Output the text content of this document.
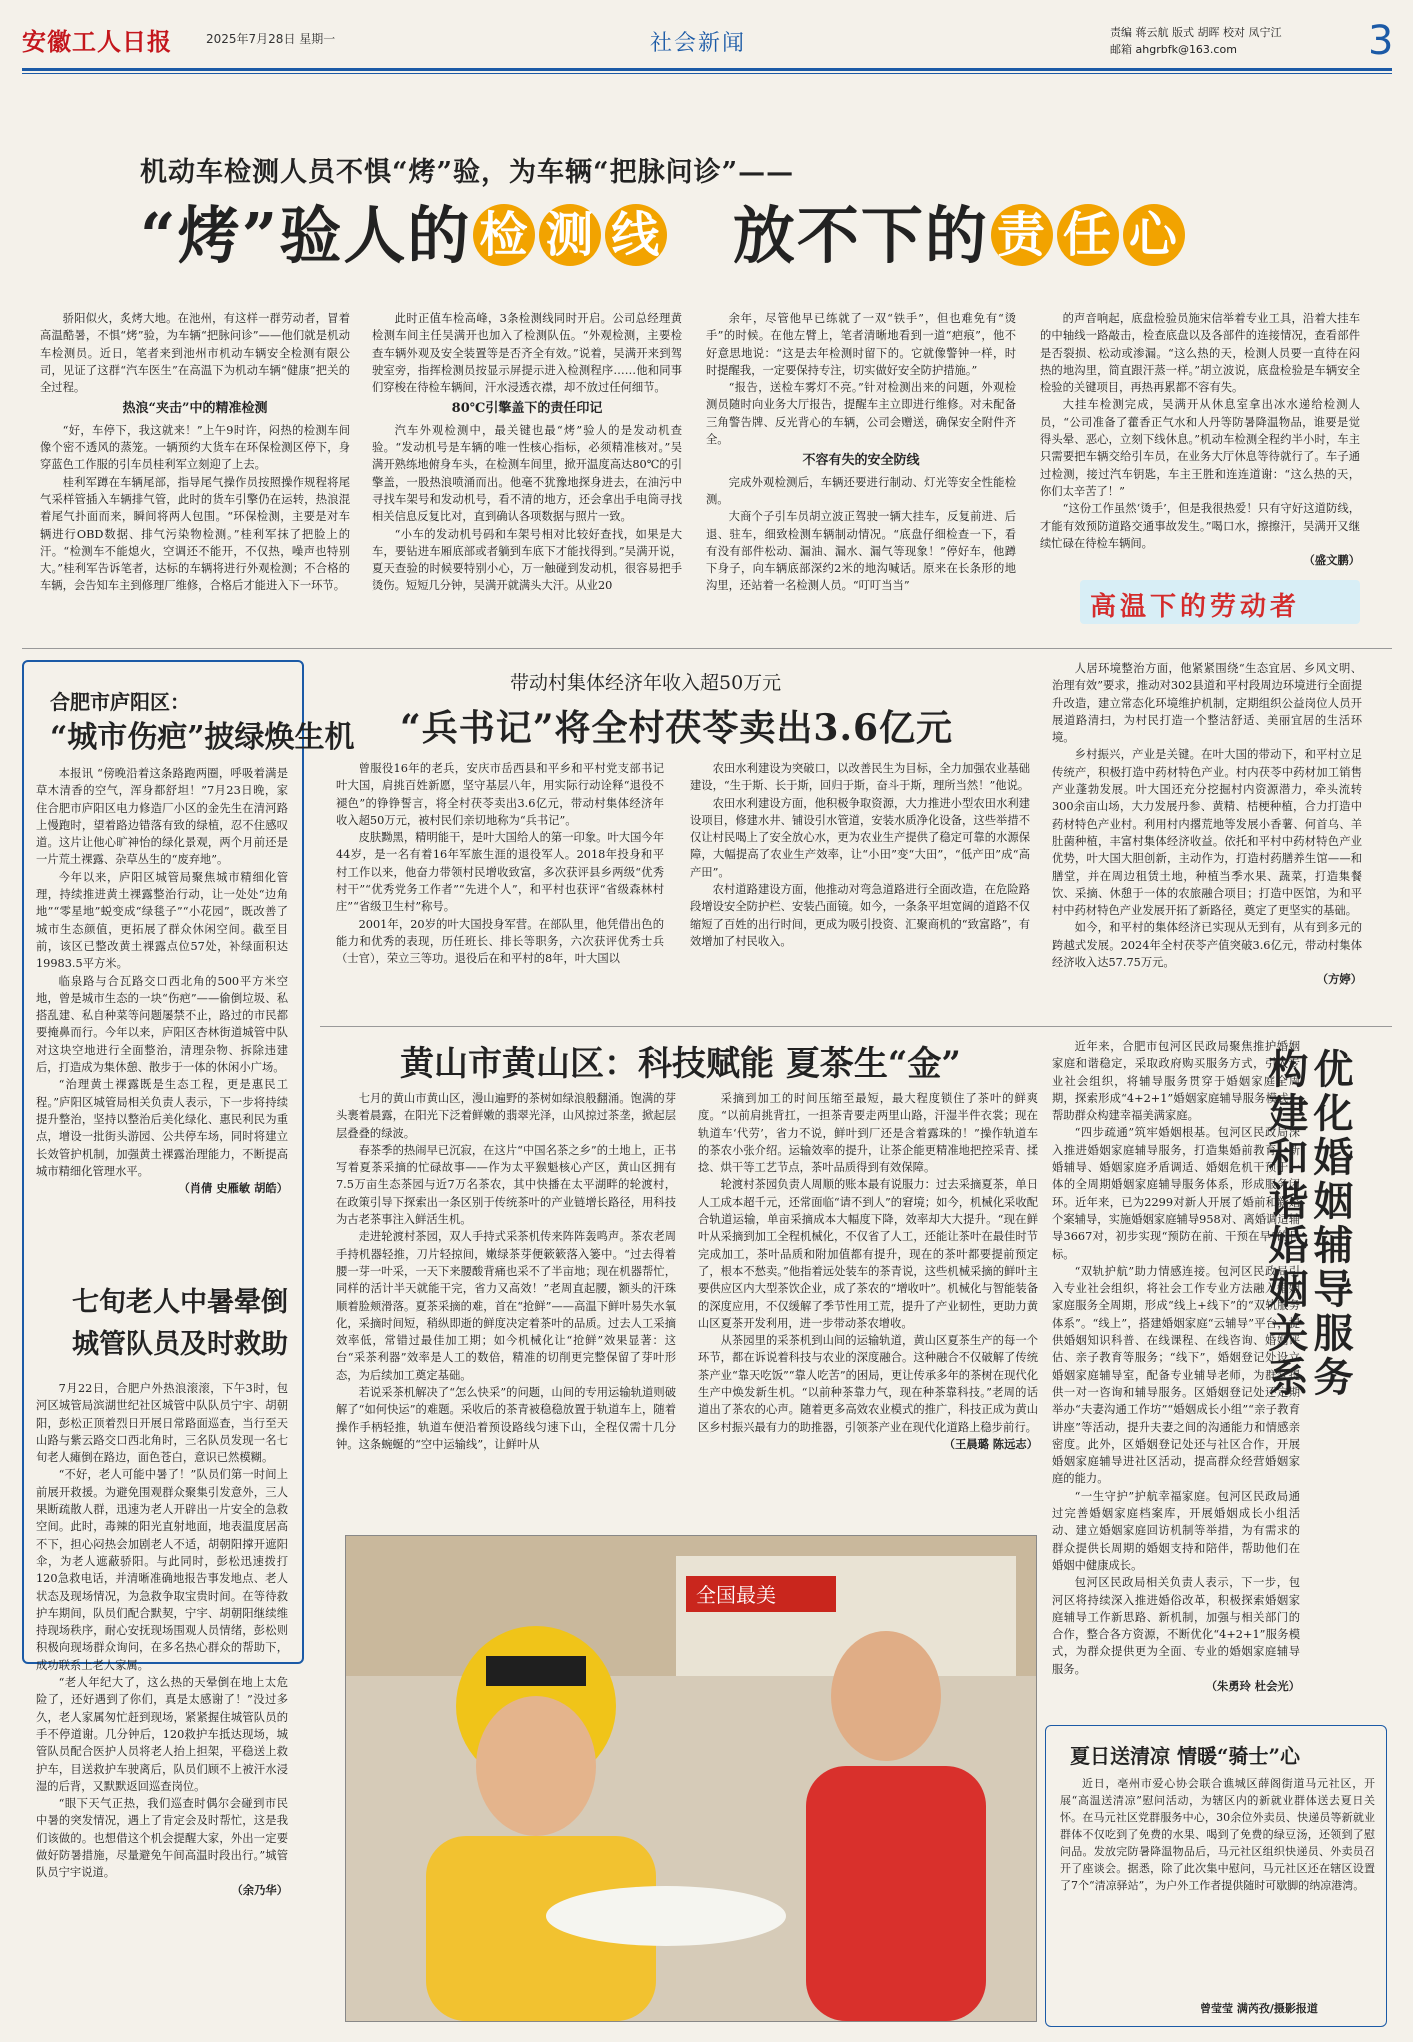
安徽工人日报	2025年7月28日 星期一	社会新闻	责编 蒋云航 版式 胡晖 校对 凤宁江
邮箱 ahgrbfk@163.com	3
机动车检测人员不惧“烤”验，为车辆“把脉问诊”——
“烤”验人的 检 测 线 放不下的 责 任 心

骄阳似火，炙烤大地。在池州，有这样一群劳动者，冒着高温酷暑，不惧“烤”验，为车辆“把脉问诊”——他们就是机动车检测员。近日，笔者来到池州市机动车辆安全检测有限公司，见证了这群“汽车医生”在高温下为机动车辆“健康”把关的全过程。

热浪“夹击”中的精准检测

“好，车停下，我这就来！”上午9时许，闷热的检测车间像个密不透风的蒸笼。一辆预约大货车在环保检测区停下，身穿蓝色工作服的引车员桂利军立刻迎了上去。

桂利军蹲在车辆尾部，指导尾气操作员按照操作规程将尾气采样管插入车辆排气管，此时的货车引擎仍在运转，热浪混着尾气扑面而来，瞬间将两人包围。“环保检测，主要是对车辆进行OBD数据、排气污染物检测。”桂利军抹了把脸上的汗。“检测车不能熄火，空调还不能开，不仅热，噪声也特别大。”桂利军告诉笔者，达标的车辆将进行外观检测；不合格的车辆，会告知车主到修理厂维修，合格后才能进入下一环节。

此时正值车检高峰，3条检测线同时开启。公司总经理黄检测车间主任吴满开也加入了检测队伍。“外观检测，主要检查车辆外观及安全装置等是否齐全有效。”说着，吴满开来到驾驶室旁，指挥检测员按显示屏提示进入检测程序……他和同事们穿梭在待检车辆间，汗水浸透衣襟，却不放过任何细节。

80℃引擎盖下的责任印记

汽车外观检测中，最关键也最“烤”验人的是发动机查验。“发动机号是车辆的唯一性核心指标，必须精准核对。”吴满开熟练地俯身车头，在检测车间里，掀开温度高达80℃的引擎盖，一股热浪喷涌而出。他毫不犹豫地探身进去，在油污中寻找车架号和发动机号，看不清的地方，还会拿出手电筒寻找相关信息反复比对，直到确认各项数据与照片一致。

“小车的发动机号码和车架号相对比较好查找，如果是大车，要钻进车厢底部或者躺到车底下才能找得到。”吴满开说，夏天查验的时候要特别小心，万一触碰到发动机，很容易把手烫伤。短短几分钟，吴满开就满头大汗。从业20

余年，尽管他早已练就了一双“铁手”，但也难免有“烫手”的时候。在他左臂上，笔者清晰地看到一道“疤痕”，他不好意思地说：“这是去年检测时留下的。它就像警钟一样，时时提醒我，一定要保持专注，切实做好安全防护措施。”

“报告，送检车雾灯不亮。”针对检测出来的问题，外观检测员随时向业务大厅报告，提醒车主立即进行维修。对未配备三角警告牌、反光背心的车辆，公司会赠送，确保安全附件齐全。

不容有失的安全防线

完成外观检测后，车辆还要进行制动、灯光等安全性能检测。

大商个子引车员胡立波正驾驶一辆大挂车，反复前进、后退、驻车，细致检测车辆制动情况。“底盘仔细检查一下，看有没有部件松动、漏油、漏水、漏气等现象！”停好车，他蹲下身子，向车辆底部深约2米的地沟喊话。原来在长条形的地沟里，还站着一名检测人员。“叮叮当当”

的声音响起，底盘检验员施宋信举着专业工具，沿着大挂车的中轴线一路敲击，检查底盘以及各部件的连接情况，查看部件是否裂损、松动或渗漏。“这么热的天，检测人员要一直待在闷热的地沟里，简直跟汗蒸一样。”胡立波说，底盘检验是车辆安全检验的关键项目，再热再累都不容有失。

大挂车检测完成，吴满开从休息室拿出冰水递给检测人员，“公司准备了藿香正气水和人丹等防暑降温物品，谁要是觉得头晕、恶心，立刻下线休息。”机动车检测全程约半小时，车主只需要把车辆交给引车员，在业务大厅休息等待就行了。车子通过检测，接过汽车钥匙，车主王胜和连连道谢：“这么热的天，你们太辛苦了！”

“这份工作虽然‘烫手’，但是我很热爱！只有守好这道防线，才能有效预防道路交通事故发生。”喝口水，擦擦汗，吴满开又继续忙碌在待检车辆间。

（盛文鹏）

高温下的劳动者
合肥市庐阳区：
“城市伤疤”披绿焕生机

本报讯 “傍晚沿着这条路跑两圈，呼吸着满是草木清香的空气，浑身都舒坦！”7月23日晚，家住合肥市庐阳区电力修造厂小区的金先生在清河路上慢跑时，望着路边错落有致的绿植，忍不住感叹道。这片让他心旷神怡的绿化景观，两个月前还是一片荒土裸露、杂草丛生的“废弃地”。

今年以来，庐阳区城管局聚焦城市精细化管理，持续推进黄土裸露整治行动，让一处处“边角地”“零星地”蜕变成“绿毯子”“小花园”，既改善了城市生态颜值，更拓展了群众休闲空间。截至目前，该区已整改黄土裸露点位57处，补绿面积达19983.5平方米。

临泉路与合瓦路交口西北角的500平方米空地，曾是城市生态的一块“伤疤”——偷倒垃圾、私搭乱建、私自种菜等问题屡禁不止，路过的市民都要掩鼻而行。今年以来，庐阳区杏林街道城管中队对这块空地进行全面整治，清理杂物、拆除违建后，打造成为集休憩、散步于一体的休闲小广场。

“治理黄土裸露既是生态工程，更是惠民工程。”庐阳区城管局相关负责人表示，下一步将持续提升整治，坚持以整治后美化绿化、惠民利民为重点，增设一批街头游园、公共停车场，同时将建立长效管护机制，加强黄土裸露治理能力，不断提高城市精细化管理水平。

（肖倩 史雁敏 胡皓）

七旬老人中暑晕倒
城管队员及时救助

7月22日，合肥户外热浪滚滚，下午3时，包河区城管局滨湖世纪社区城管中队队员宁宇、胡朝阳，彭松正顶着烈日开展日常路面巡查，当行至天山路与紫云路交口西北角时，三名队员发现一名七旬老人瘫倒在路边，面色苍白，意识已然模糊。

“不好，老人可能中暑了！”队员们第一时间上前展开救援。为避免围观群众聚集引发意外，三人果断疏散人群，迅速为老人开辟出一片安全的急救空间。此时，毒辣的阳光直射地面，地表温度居高不下，担心闷热会加剧老人不适，胡朝阳撑开遮阳伞，为老人遮蔽骄阳。与此同时，彭松迅速拨打120急救电话，并清晰准确地报告事发地点、老人状态及现场情况，为急救争取宝贵时间。在等待救护车期间，队员们配合默契，宁宇、胡朝阳继续维持现场秩序，耐心安抚现场围观人员情绪，彭松则积极向现场群众询问，在多名热心群众的帮助下，成功联系上老人家属。

“老人年纪大了，这么热的天晕倒在地上太危险了，还好遇到了你们，真是太感谢了！”没过多久，老人家属匆忙赶到现场，紧紧握住城管队员的手不停道谢。几分钟后，120救护车抵达现场，城管队员配合医护人员将老人抬上担架，平稳送上救护车，目送救护车驶离后，队员们顾不上被汗水浸湿的后背，又默默返回巡查岗位。

“眼下天气正热，我们巡查时偶尔会碰到市民中暑的突发情况，遇上了肯定会及时帮忙，这是我们该做的。也想借这个机会提醒大家，外出一定要做好防暑措施，尽量避免午间高温时段出行。”城管队员宁宇说道。

（余乃华）

带动村集体经济年收入超50万元
“兵书记”将全村茯苓卖出3.6亿元

曾服役16年的老兵，安庆市岳西县和平乡和平村党支部书记叶大国，肩挑百姓新愿，坚守基层八年，用实际行动诠释“退役不褪色”的铮铮誓言，将全村茯苓卖出3.6亿元，带动村集体经济年收入超50万元，被村民们亲切地称为“兵书记”。

皮肤黝黑，精明能干，是叶大国给人的第一印象。叶大国今年44岁，是一名有着16年军旅生涯的退役军人。2018年投身和平村工作以来，他奋力带领村民增收致富，多次获评县乡两级“优秀村干”“优秀党务工作者”“先进个人”，和平村也获评“省级森林村庄”“省级卫生村”称号。

2001年，20岁的叶大国投身军营。在部队里，他凭借出色的能力和优秀的表现，历任班长、排长等职务，六次获评优秀士兵（士官），荣立三等功。退役后在和平村的8年，叶大国以

农田水利建设为突破口，以改善民生为目标，全力加强农业基础建设，“生于斯、长于斯，回归于斯，奋斗于斯，理所当然！”他说。

农田水利建设方面，他积极争取资源，大力推进小型农田水利建设项目，修建水井、铺设引水管道，安装水质净化设备，这些举措不仅让村民喝上了安全放心水，更为农业生产提供了稳定可靠的水源保障，大幅提高了农业生产效率，让“小田”变“大田”，“低产田”成“高产田”。

农村道路建设方面，他推动对弯急道路进行全面改造，在危险路段增设安全防护栏、安装凸面镜。如今，一条条平坦宽阔的道路不仅缩短了百姓的出行时间，更成为吸引投资、汇聚商机的“致富路”，有效增加了村民收入。

人居环境整治方面，他紧紧围绕“生态宜居、乡风文明、治理有效”要求，推动对302县道和平村段周边环境进行全面提升改造，建立常态化环境维护机制，定期组织公益岗位人员开展道路清扫，为村民打造一个整洁舒适、美丽宜居的生活环境。

乡村振兴，产业是关键。在叶大国的带动下，和平村立足传统产，积极打造中药材特色产业。村内茯苓中药材加工销售产业蓬勃发展。叶大国还充分挖掘村内资源潜力，牵头流转300余亩山场，大力发展丹参、黄精、桔梗种植，合力打造中药材特色产业村。利用村内撂荒地等发展小香薯、何首乌、羊肚菌种植，丰富村集体经济收益。依托和平村中药材特色产业优势，叶大国大胆创新，主动作为，打造村药膳养生馆——和膳堂，并在周边租赁土地，种植当季水果、蔬菜，打造集餐饮、采摘、休憩于一体的农旅融合项目；打造中医馆，为和平村中药材特色产业发展开拓了新路径，奠定了更坚实的基础。

如今，和平村的集体经济已实现从无到有，从有到多元的跨越式发展。2024年全村茯苓产值突破3.6亿元，带动村集体经济收入达57.75万元。

（方婷）

黄山市黄山区：科技赋能 夏茶生“金”

七月的黄山市黄山区，漫山遍野的茶树如绿浪般翻涌。饱满的芽头裹着晨露，在阳光下泛着鲜嫩的翡翠光泽，山风掠过茶垄，掀起层层叠叠的绿波。

春茶季的热闹早已沉寂，在这片“中国名茶之乡”的土地上，正书写着夏茶采摘的忙碌故事——作为太平猴魁核心产区，黄山区拥有7.5万亩生态茶园与近7万名茶农，其中快播在太平湖畔的轮渡村，在政策引导下探索出一条区别于传统茶叶的产业链增长路径，用科技为古老茶事注入鲜活生机。

走进轮渡村茶园，双人手持式采茶机传来阵阵轰鸣声。茶农老周手持机器轻推，刀片轻掠间，嫩绿茶芽便簌簌落入篓中。“过去得着腰一芽一叶采，一天下来腰酸背痛也采不了半亩地；现在机器帮忙，同样的活计半天就能干完，省力又高效！”老周直起腰，额头的汗珠顺着脸颊滑落。夏茶采摘的难，首在“抢鲜”——高温下鲜叶易失水氧化，采摘时间短，稍纵即逝的鲜度决定着茶叶的品质。过去人工采摘效率低，常错过最佳加工期；如今机械化让“抢鲜”效果显著：这台“采茶利器”效率是人工的数倍，精准的切削更完整保留了芽叶形态，为后续加工奠定基础。

若说采茶机解决了“怎么快采”的问题，山间的专用运输轨道则破解了“如何快运”的难题。采收后的茶青被稳稳放置于轨道车上，随着操作手柄轻推，轨道车便沿着预设路线匀速下山，全程仅需十几分钟。这条蜿蜒的“空中运输线”，让鲜叶从

采摘到加工的时间压缩至最短，最大程度锁住了茶叶的鲜爽度。“以前肩挑背扛，一担茶青要走两里山路，汗湿半件衣裳；现在轨道车‘代劳’，省力不说，鲜叶到厂还是含着露珠的！”操作轨道车的茶农小张介绍。运输效率的提升，让茶企能更精准地把控采青、揉捻、烘干等工艺节点，茶叶品质得到有效保障。

轮渡村茶园负责人周顺的账本最有说服力：过去采摘夏茶，单日人工成本超千元，还常面临“请不到人”的窘境；如今，机械化采收配合轨道运输，单亩采摘成本大幅度下降，效率却大大提升。“现在鲜叶从采摘到加工全程机械化，不仅省了人工，还能让茶叶在最佳时节完成加工，茶叶品质和附加值都有提升，现在的茶叶都要提前预定了，根本不愁卖。”他指着远处装车的茶青说，这些机械采摘的鲜叶主要供应区内大型茶饮企业，成了茶农的“增收叶”。机械化与智能装备的深度应用，不仅缓解了季节性用工荒，提升了产业韧性，更助力黄山区夏茶开发利用，进一步带动茶农增收。

从茶园里的采茶机到山间的运输轨道，黄山区夏茶生产的每一个环节，都在诉说着科技与农业的深度融合。这种融合不仅破解了传统茶产业“靠天吃饭”“靠人吃苦”的困局，更让传承多年的茶树在现代化生产中焕发新生机。“以前种茶靠力气，现在种茶靠科技。”老周的话道出了茶农的心声。随着更多高效农业模式的推广，科技正成为黄山区乡村振兴最有力的助推器，引领茶产业在现代化道路上稳步前行。

（王晨璐 陈远志）

近年来，合肥市包河区民政局聚焦推护婚姻家庭和谐稳定，采取政府购买服务方式，引入专业社会组织，将辅导服务贯穿于婚姻家庭全周期，探索形成“4+2+1”婚姻家庭辅导服务模式，帮助群众构建幸福美满家庭。

“四步疏通”筑牢婚姻根基。包河区民政局深入推进婚姻家庭辅导服务，打造集婚前教育、新婚辅导、婚姻家庭矛盾调适、婚姻危机干预于一体的全周期婚姻家庭辅导服务体系，形成服务闭环。近年来，已为2299对新人开展了婚前和新婚个案辅导，实施婚姻家庭辅导958对、离婚调适辅导3667对，初步实现“预防在前、干预在早”的目标。

“双轨护航”助力情感连接。包河区民政局引入专业社会组织，将社会工作专业方法融入婚姻家庭服务全周期，形成“线上+线下”的“双轨服务体系”。“线上”，搭建婚姻家庭“云辅导”平台，提供婚姻知识科普、在线课程、在线咨询、婚姻评估、亲子教育等服务；“线下”，婚姻登记处设立婚姻家庭辅导室，配备专业辅导老师，为群众提供一对一咨询和辅导服务。区婚姻登记处还定期举办“夫妻沟通工作坊”“婚姻成长小组”“亲子教育讲座”等活动，提升夫妻之间的沟通能力和情感亲密度。此外，区婚姻登记处还与社区合作，开展婚姻家庭辅导进社区活动，提高群众经营婚姻家庭的能力。

“一生守护”护航幸福家庭。包河区民政局通过完善婚姻家庭档案库，开展婚姻成长小组活动、建立婚姻家庭回访机制等举措，为有需求的群众提供长周期的婚姻支持和陪伴，帮助他们在婚姻中健康成长。

包河区民政局相关负责人表示，下一步，包河区将持续深入推进婚俗改革，积极探索婚姻家庭辅导工作新思路、新机制，加强与相关部门的合作，整合各方资源，不断优化“4+2+1”服务模式，为群众提供更为全面、专业的婚姻家庭辅导服务。

（朱勇玲 杜会光）

优化婚姻辅导服务
构建和谐婚姻关系
全国最美
夏日送清凉 情暖“骑士”心

近日，亳州市爱心协会联合谯城区薛阁街道马元社区，开展“高温送清凉”慰问活动，为辖区内的新就业群体送去夏日关怀。在马元社区党群服务中心，30余位外卖员、快递员等新就业群体不仅吃到了免费的水果、喝到了免费的绿豆汤，还领到了慰问品。发放完防暑降温物品后，马元社区组织快递员、外卖员召开了座谈会。据悉，除了此次集中慰问，马元社区还在辖区设置了7个“清凉驿站”，为户外工作者提供随时可歇脚的纳凉港湾。

曾莹莹 满芮孜/摄影报道
